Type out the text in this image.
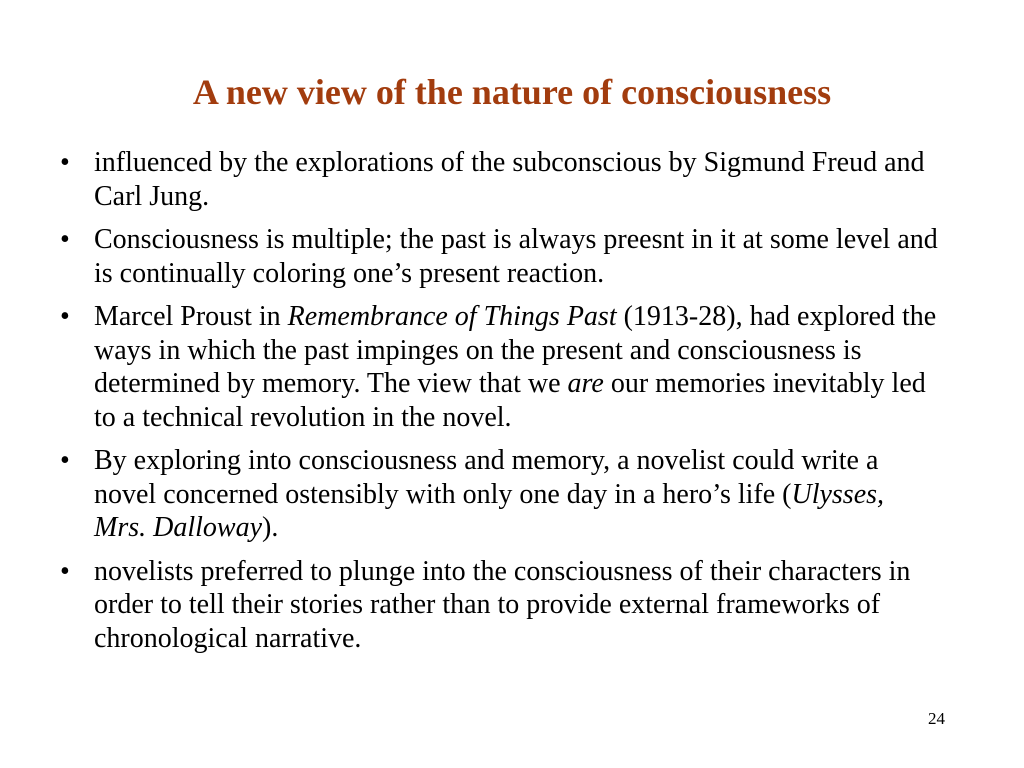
A new view of the nature of consciousness
• influenced by the explorations of the subconscious by Sigmund Freud and Carl Jung.
• Consciousness is multiple; the past is always preesnt in it at some level and is continually coloring one’s present reaction.
• Marcel Proust in Remembrance of Things Past (1913-28), had explored the ways in which the past impinges on the present and consciousness is determined by memory. The view that we are our memories inevitably led to a technical revolution in the novel.
• By exploring into consciousness and memory, a novelist could write a novel concerned ostensibly with only one day in a hero’s life (Ulysses, Mrs. Dalloway).
• novelists preferred to plunge into the consciousness of their characters in order to tell their stories rather than to provide external frameworks of chronological narrative.
24
